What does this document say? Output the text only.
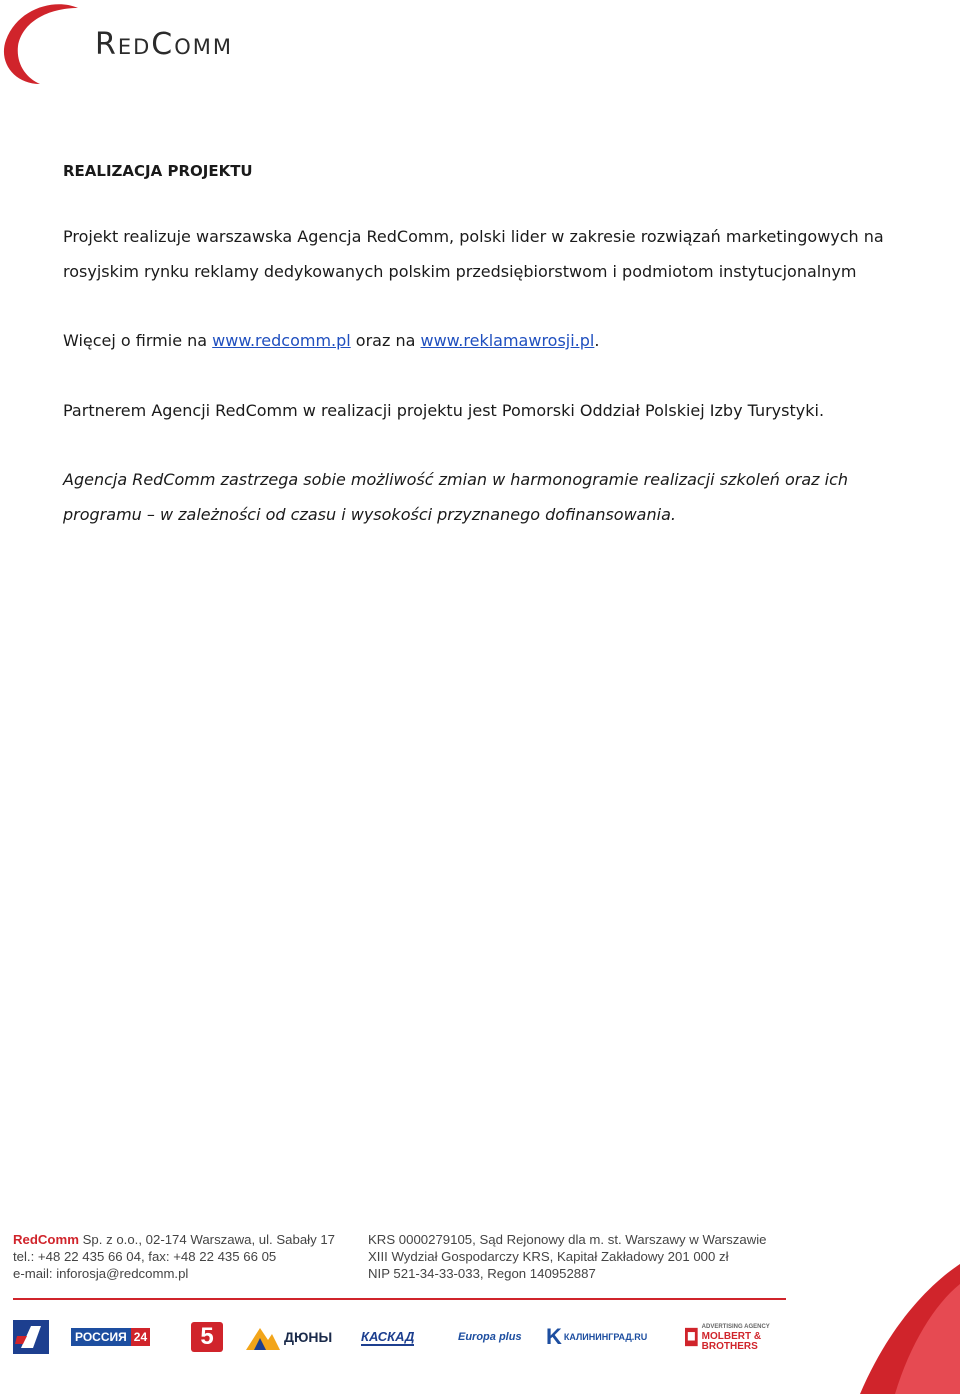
RedComm
REALIZACJA PROJEKTU
Projekt realizuje warszawska Agencja RedComm, polski lider w zakresie rozwiązań marketingowych na rosyjskim rynku reklamy dedykowanych polskim przedsiębiorstwom i podmiotom instytucjonalnym
Więcej o firmie na www.redcomm.pl oraz na www.reklamawrosji.pl.
Partnerem Agencji RedComm w realizacji projektu jest Pomorski Oddział Polskiej Izby Turystyki.
Agencja RedComm zastrzega sobie możliwość zmian w harmonogramie realizacji szkoleń oraz ich programu – w zależności od czasu i wysokości przyznanego dofinansowania.
RedComm Sp. z o.o., 02-174 Warszawa, ul. Sabały 17
tel.: +48 22 435 66 04, fax: +48 22 435 66 05
e-mail: inforosja@redcomm.pl
KRS 0000279105, Sąd Rejonowy dla m. st. Warszawy w Warszawie
XIII Wydział Gospodarczy KRS, Kapitał Zakładowy 201 000 zł
NIP 521-34-33-033, Regon 140952887
РОССИЯ 24	5	ДЮНЫ КАСКАД	Europa plus K КАЛИНИНГРАД.RU
ADVERTISING AGENCY
MOLBERT & BROTHERS
